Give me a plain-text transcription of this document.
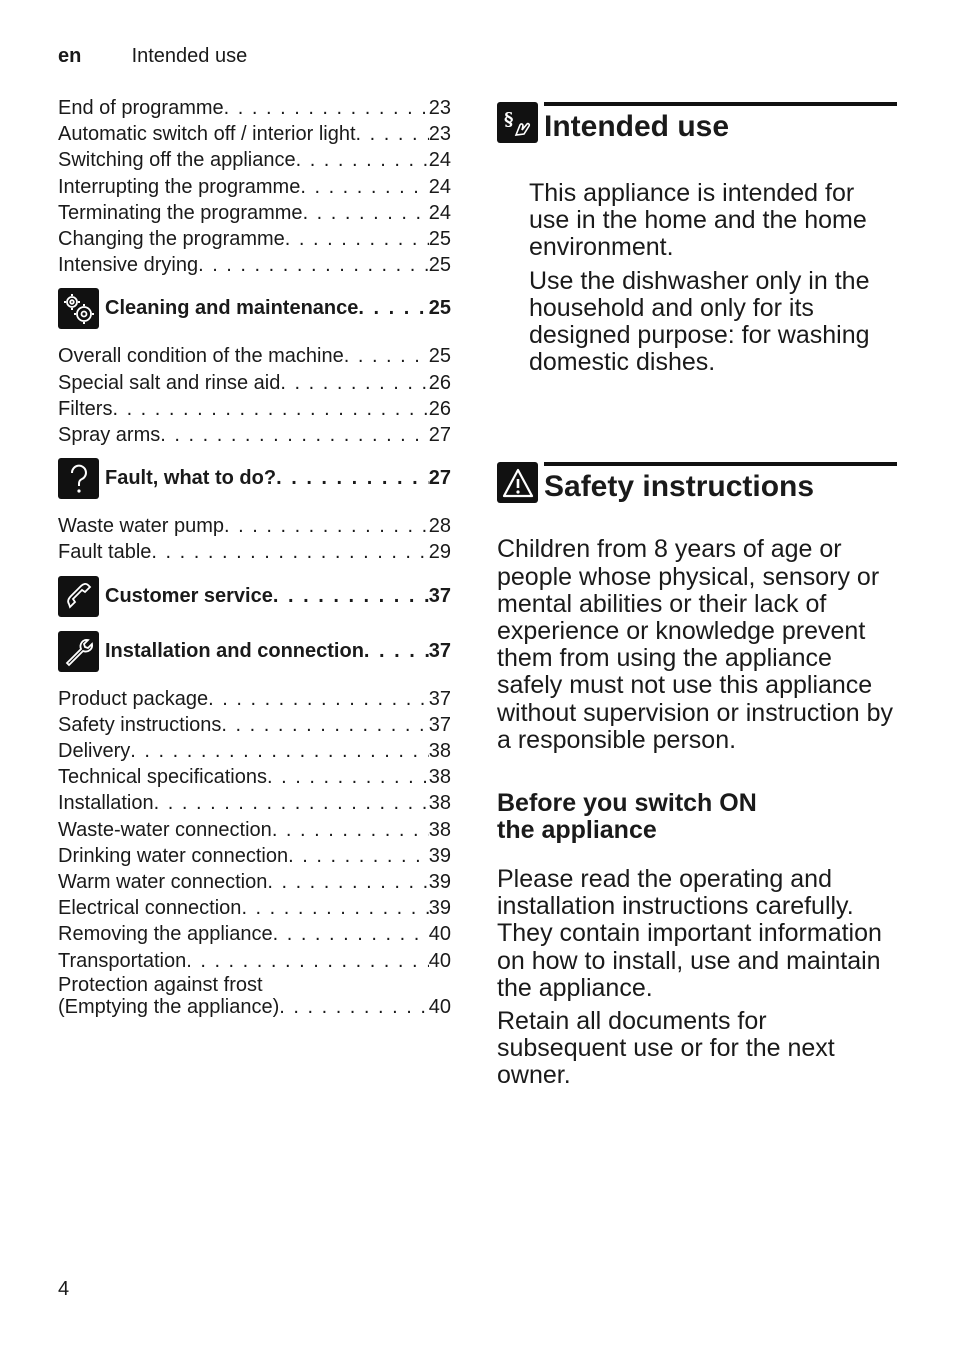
en	Intended use
End of programme . . .	23
Automatic switch off / interior light . . .	23
Switching off the appliance . . .	24
Interrupting the programme . . .	24
Terminating the programme . . .	24
Changing the programme . . .	25
Intensive drying . . .	25
Cleaning and maintenance . . .	25
Overall condition of the machine . . .	25
Special salt and rinse aid . . .	26
Filters . . .	26
Spray arms . . .	27
Fault, what to do? . . .	27
Waste water pump . . .	28
Fault table . . .	29
Customer service . . .	37
Installation and connection . . .	37
Product package . . .	37
Safety instructions . . .	37
Delivery . . .	38
Technical specifications . . .	38
Installation . . .	38
Waste-water connection . . .	38
Drinking water connection . . .	39
Warm water connection . . .	39
Electrical connection . . .	39
Removing the appliance . . .	40
Transportation . . .	40
Protection against frost
(Emptying the appliance) . . .	40
§ Intended use

This appliance is intended for use in the home and the home environment.

Use the dishwasher only in the household and only for its designed purpose: for washing domestic dishes.

Safety instructions

Children from 8 years of age or people whose physical, sensory or mental abilities or their lack of experience or knowledge prevent them from using the appliance safely must not use this appliance without supervision or instruction by a responsible person.

Before you switch ON
the appliance

Please read the operating and installation instructions carefully. They contain important information on how to install, use and maintain the appliance.

Retain all documents for subsequent use or for the next owner.

4
